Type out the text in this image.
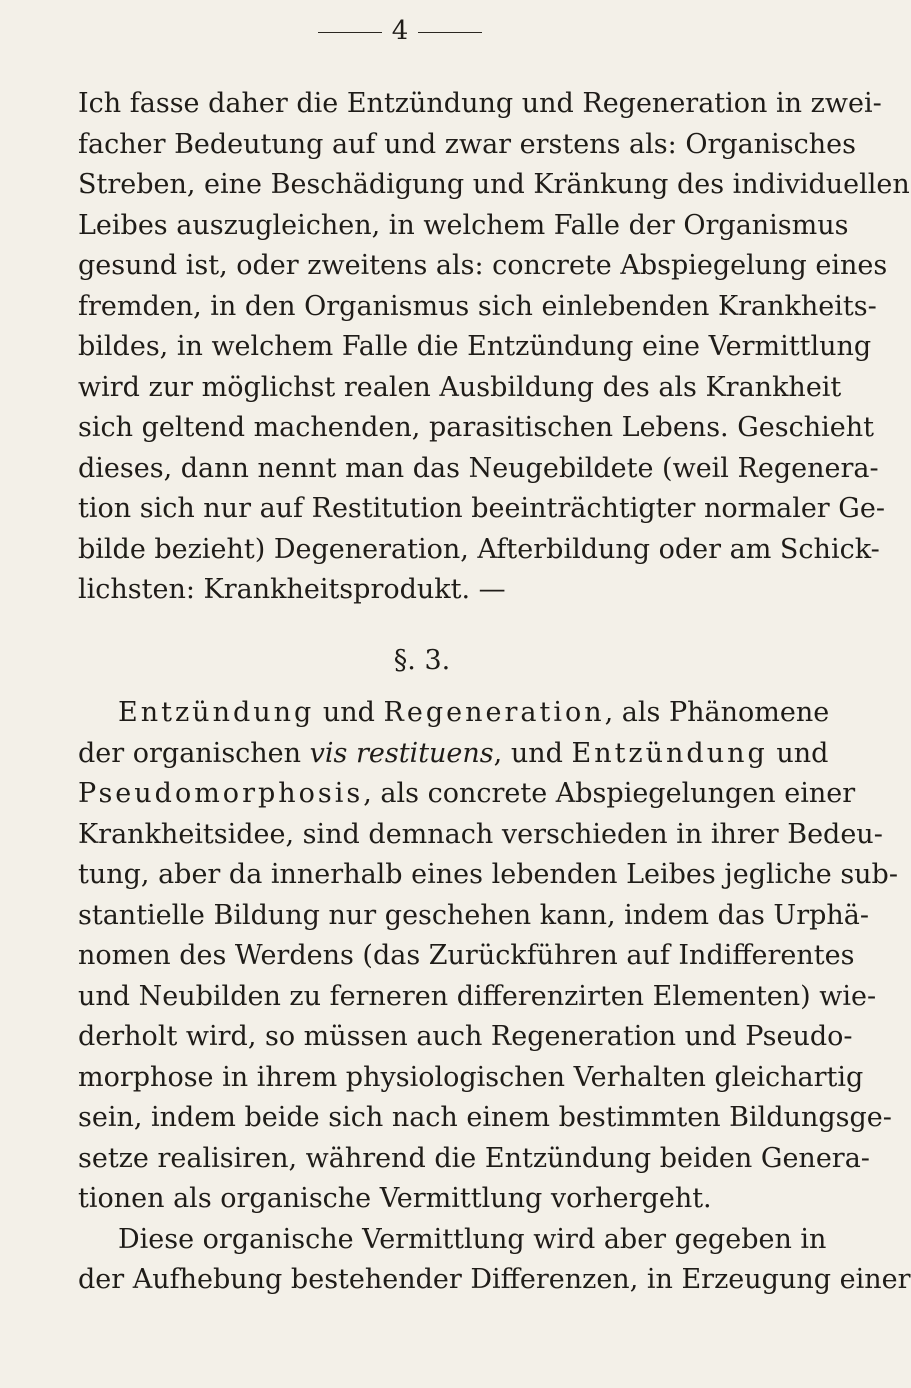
4
Ich fasse daher die Entzündung und Regeneration in zwei-
facher Bedeutung auf und zwar erstens als: Organisches
Streben, eine Beschädigung und Kränkung des individuellen
Leibes auszugleichen, in welchem Falle der Organismus
gesund ist, oder zweitens als: concrete Abspiegelung eines
fremden, in den Organismus sich einlebenden Krankheits-
bildes, in welchem Falle die Entzündung eine Vermittlung
wird zur möglichst realen Ausbildung des als Krankheit
sich geltend machenden, parasitischen Lebens. Geschieht
dieses, dann nennt man das Neugebildete (weil Regenera-
tion sich nur auf Restitution beeinträchtigter normaler Ge-
bilde bezieht) Degeneration, Afterbildung oder am Schick-
lichsten: Krankheitsprodukt. —
§. 3.
Entzündung und Regeneration, als Phänomene
der organischen vis restituens, und Entzündung und
Pseudomorphosis, als concrete Abspiegelungen einer
Krankheitsidee, sind demnach verschieden in ihrer Bedeu-
tung, aber da innerhalb eines lebenden Leibes jegliche sub-
stantielle Bildung nur geschehen kann, indem das Urphä-
nomen des Werdens (das Zurückführen auf Indifferentes
und Neubilden zu ferneren differenzirten Elementen) wie-
derholt wird, so müssen auch Regeneration und Pseudo-
morphose in ihrem physiologischen Verhalten gleichartig
sein, indem beide sich nach einem bestimmten Bildungsge-
setze realisiren, während die Entzündung beiden Genera-
tionen als organische Vermittlung vorhergeht.
Diese organische Vermittlung wird aber gegeben in
der Aufhebung bestehender Differenzen, in Erzeugung einer
